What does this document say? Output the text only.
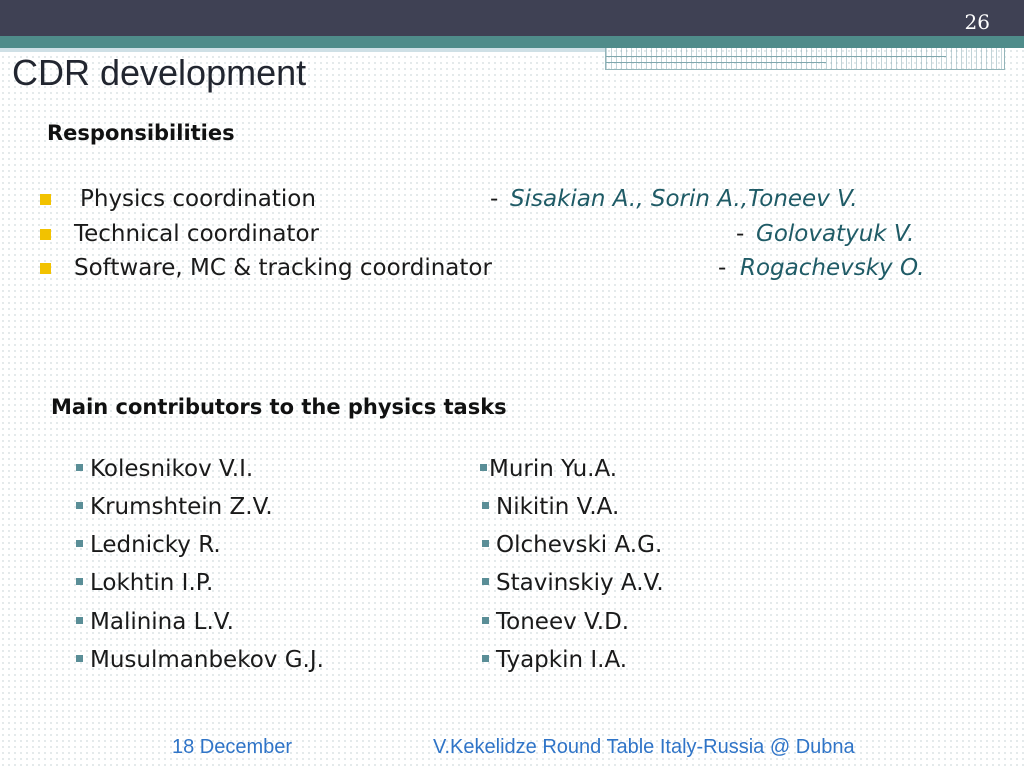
26
CDR development
Responsibilities
Physics coordination	- Sisakian A., Sorin A.,Toneev V.
Technical coordinator	- Golovatyuk V.
Software, MC & tracking coordinator	- Rogachevsky O.
Main contributors to the physics tasks
Kolesnikov V.I.
Krumshtein Z.V.
Lednicky R.
Lokhtin I.P.
Malinina L.V.
Musulmanbekov G.J.
Murin Yu.A.
Nikitin V.A.
Olchevski A.G.
Stavinskiy A.V.
Toneev V.D.
Tyapkin I.A.
18 December	V.Kekelidze Round Table Italy-Russia @ Dubna
